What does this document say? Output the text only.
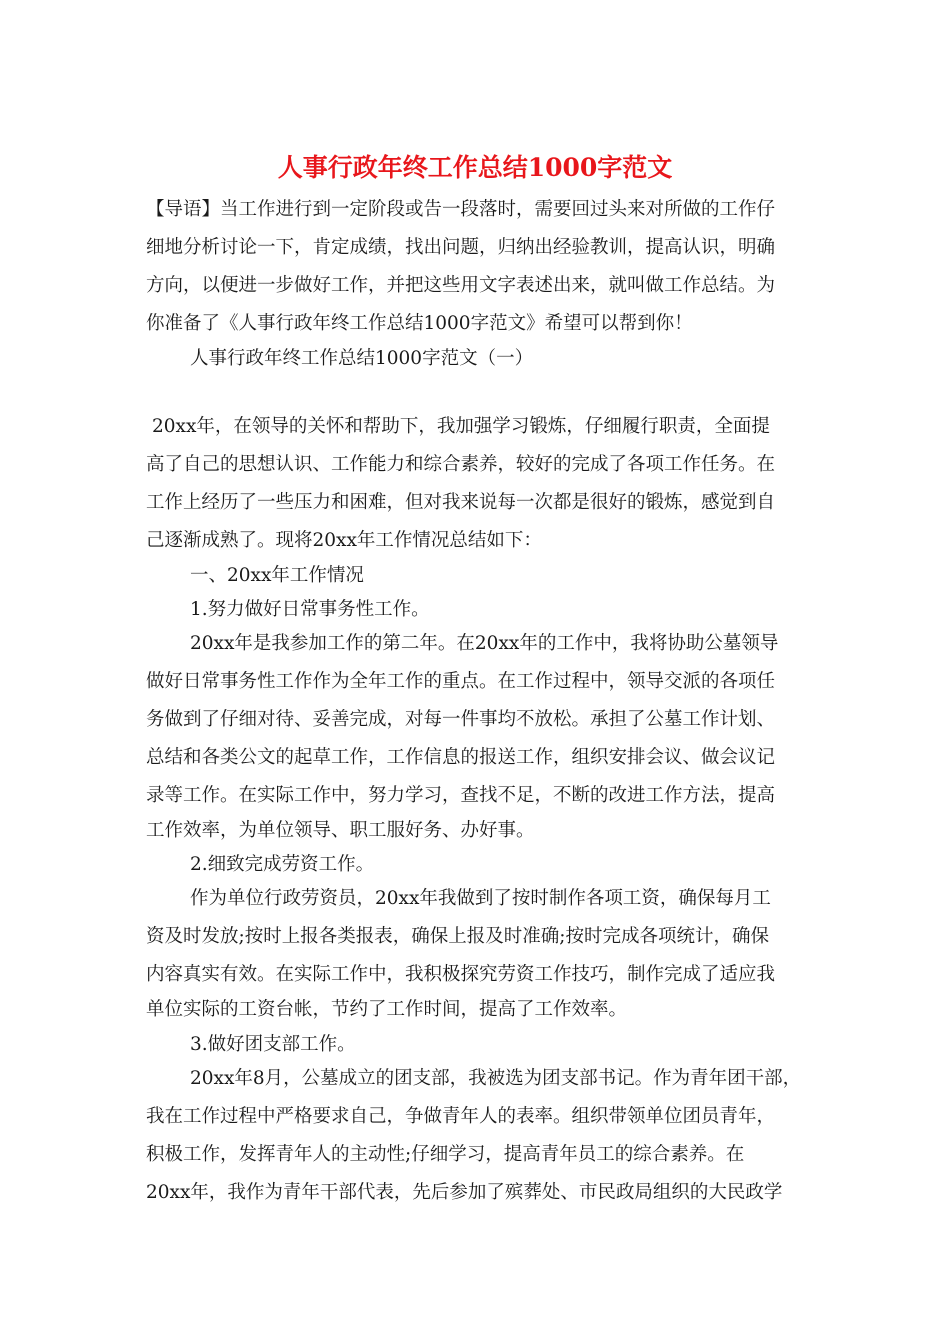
人事行政年终工作总结1000字范文

【导语】当工作进行到一定阶段或告一段落时，需要回过头来对所做的工作仔

细地分析讨论一下，肯定成绩，找出问题，归纳出经验教训，提高认识，明确

方向，以便进一步做好工作，并把这些用文字表述出来，就叫做工作总结。为

你准备了《人事行政年终工作总结1000字范文》希望可以帮到你！

人事行政年终工作总结1000字范文（一）

20xx年，在领导的关怀和帮助下，我加强学习锻炼，仔细履行职责，全面提

高了自己的思想认识、工作能力和综合素养，较好的完成了各项工作任务。在

工作上经历了一些压力和困难，但对我来说每一次都是很好的锻炼，感觉到自

己逐渐成熟了。现将20xx年工作情况总结如下：

一、20xx年工作情况

1.努力做好日常事务性工作。

20xx年是我参加工作的第二年。在20xx年的工作中，我将协助公墓领导

做好日常事务性工作作为全年工作的重点。在工作过程中，领导交派的各项任

务做到了仔细对待、妥善完成，对每一件事均不放松。承担了公墓工作计划、

总结和各类公文的起草工作，工作信息的报送工作，组织安排会议、做会议记

录等工作。在实际工作中，努力学习，查找不足，不断的改进工作方法，提高

工作效率，为单位领导、职工服好务、办好事。

2.细致完成劳资工作。

作为单位行政劳资员，20xx年我做到了按时制作各项工资，确保每月工

资及时发放;按时上报各类报表，确保上报及时准确;按时完成各项统计，确保

内容真实有效。在实际工作中，我积极探究劳资工作技巧，制作完成了适应我

单位实际的工资台帐，节约了工作时间，提高了工作效率。

3.做好团支部工作。

20xx年8月，公墓成立的团支部，我被选为团支部书记。作为青年团干部，

我在工作过程中严格要求自己，争做青年人的表率。组织带领单位团员青年，

积极工作，发挥青年人的主动性;仔细学习，提高青年员工的综合素养。在

20xx年，我作为青年干部代表，先后参加了殡葬处、市民政局组织的大民政学
